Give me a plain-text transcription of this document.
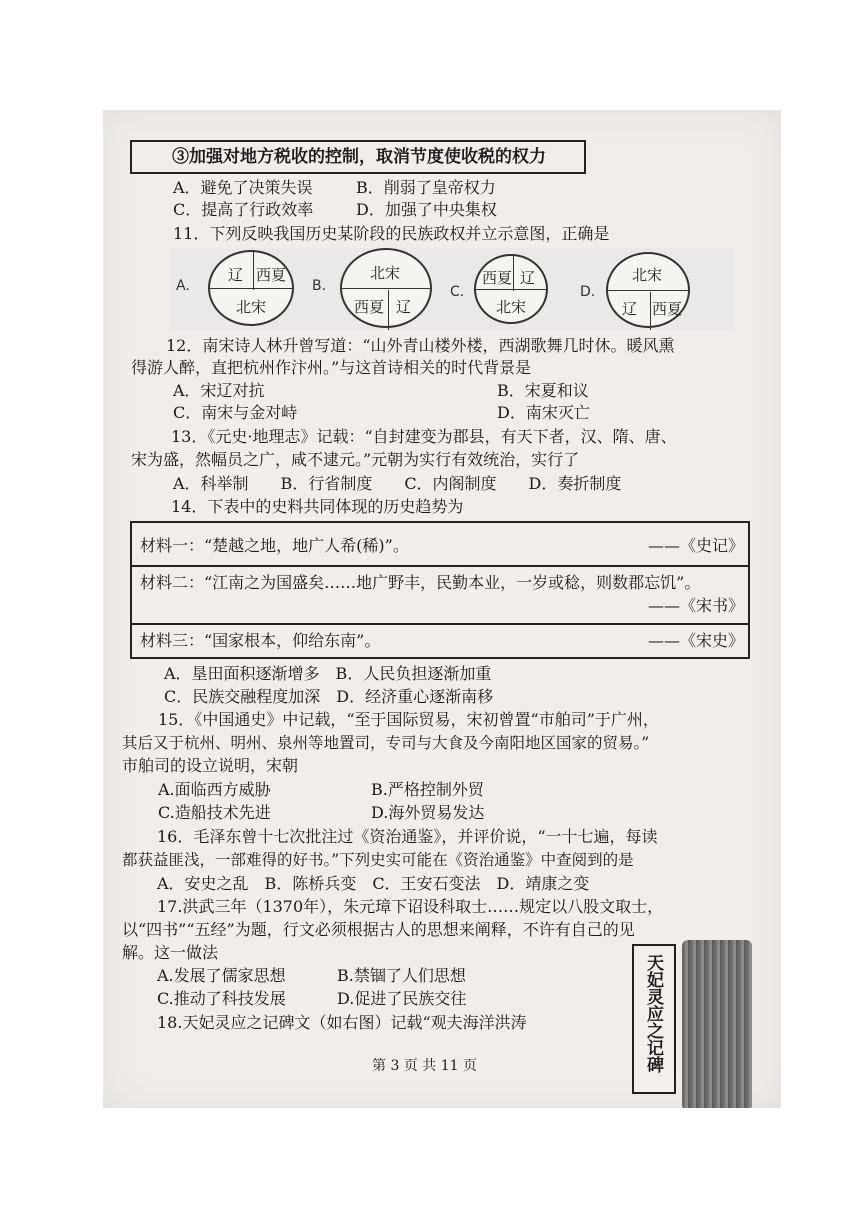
③加强对地方税收的控制，取消节度使收税的权力
A．避免了决策失误	B．削弱了皇帝权力
C．提高了行政效率	D．加强了中央集权
11．下列反映我国历史某阶段的民族政权并立示意图，正确是
A.
辽 西夏
北宋
B.
北宋
西夏 辽
C.
西夏 辽
北宋
D.
北宋
辽 西夏
12．南宋诗人林升曾写道：“山外青山楼外楼，西湖歌舞几时休。暖风熏
得游人醉，直把杭州作汴州。”与这首诗相关的时代背景是
A．宋辽对抗	B．宋夏和议
C．南宋与金对峙	D．南宋灭亡
13．《元史·地理志》记载：“自封建变为郡县，有天下者，汉、隋、唐、
宋为盛，然幅员之广，咸不逮元。”元朝为实行有效统治，实行了
A．科举制　　B．行省制度　　C．内阁制度　　D．奏折制度
14．下表中的史料共同体现的历史趋势为
材料一：“楚越之地，地广人希(稀)”。	——《史记》
材料二：“江南之为国盛矣……地广野丰，民勤本业，一岁或稔，则数郡忘饥”。
——《宋书》
材料三：“国家根本，仰给东南”。	——《宋史》
A．垦田面积逐渐增多　B．人民负担逐渐加重
C．民族交融程度加深　D．经济重心逐渐南移
15．《中国通史》中记载，“至于国际贸易，宋初曾置“市舶司”于广州，
其后又于杭州、明州、泉州等地置司，专司与大食及今南阳地区国家的贸易。”
市舶司的设立说明，宋朝
A.面临西方威胁	B.严格控制外贸
C.造船技术先进	D.海外贸易发达
16．毛泽东曾十七次批注过《资治通鉴》，并评价说，“一十七遍，每读
都获益匪浅，一部难得的好书。”下列史实可能在《资治通鉴》中查阅到的是
A．安史之乱　B．陈桥兵变　C．王安石变法　D．靖康之变
17.洪武三年（1370年），朱元璋下诏设科取士……规定以八股文取士，
以“四书”“五经”为题，行文必须根据古人的思想来阐释，不许有自己的见
解。这一做法
A.发展了儒家思想	B.禁锢了人们思想
C.推动了科技发展	D.促进了民族交往
18.天妃灵应之记碑文（如右图）记载“观夫海洋洪涛	天妃灵应之记碑
第 3 页 共 11 页
